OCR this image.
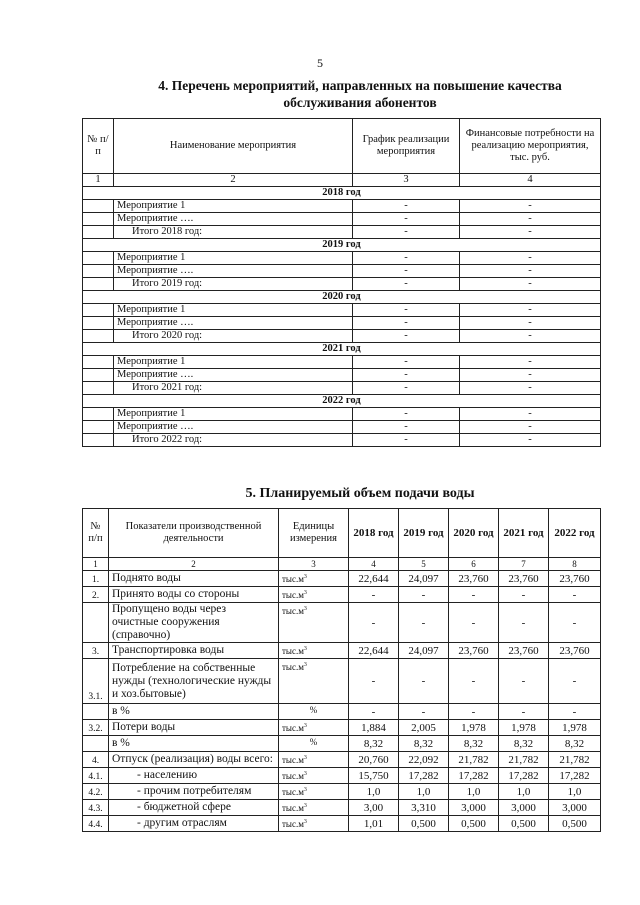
5
4. Перечень мероприятий, направленных на повышение качества обслуживания абонентов
№ п/п	Наименование мероприятия	График реализации мероприятия	Финансовые потребности на реализацию мероприятия, тыс. руб.
1	2	3	4
2018 год			
	Мероприятие 1	-	-
	Мероприятие ….	-	-
	Итого 2018 год:	-	-
2019 год			
	Мероприятие 1	-	-
	Мероприятие ….	-	-
	Итого 2019 год:	-	-
2020 год			
	Мероприятие 1	-	-
	Мероприятие ….	-	-
	Итого 2020 год:	-	-
2021 год			
	Мероприятие 1	-	-
	Мероприятие ….	-	-
	Итого 2021 год:	-	-
2022 год			
	Мероприятие 1	-	-
	Мероприятие ….	-	-
	Итого 2022 год:	-	-
5. Планируемый объем подачи воды
№ п/п	Показатели производственной деятельности	Единицы измерения	2018 год	2019 год	2020 год	2021 год	2022 год
1	2	3	4	5	6	7	8
1.	Поднято воды	$тыс.м^3$	22,644	24,097	23,760	23,760	23,760
2.	Принято воды со стороны	$тыс.м^3$	-	-	-	-	-
	Пропущено воды через очистные сооружения (справочно)	$тыс.м^3$	-	-	-	-	-
3.	Транспортировка воды	$тыс.м^3$	22,644	24,097	23,760	23,760	23,760
3.1.	Потребление на собственные нужды (технологические нужды и хоз.бытовые)	$тыс.м^3$	-	-	-	-	-
	в %	%	-	-	-	-	-
3.2.	Потери воды	$тыс.м^3$	1,884	2,005	1,978	1,978	1,978
	в %	%	8,32	8,32	8,32	8,32	8,32
4.	Отпуск (реализация) воды всего:	$тыс.м^3$	20,760	22,092	21,782	21,782	21,782
4.1.	- населению	$тыс.м^3$	15,750	17,282	17,282	17,282	17,282
4.2.	- прочим потребителям	$тыс.м^3$	1,0	1,0	1,0	1,0	1,0
4.3.	- бюджетной сфере	$тыс.м^3$	3,00	3,310	3,000	3,000	3,000
4.4.	- другим отраслям	$тыс.м^3$	1,01	0,500	0,500	0,500	0,500
